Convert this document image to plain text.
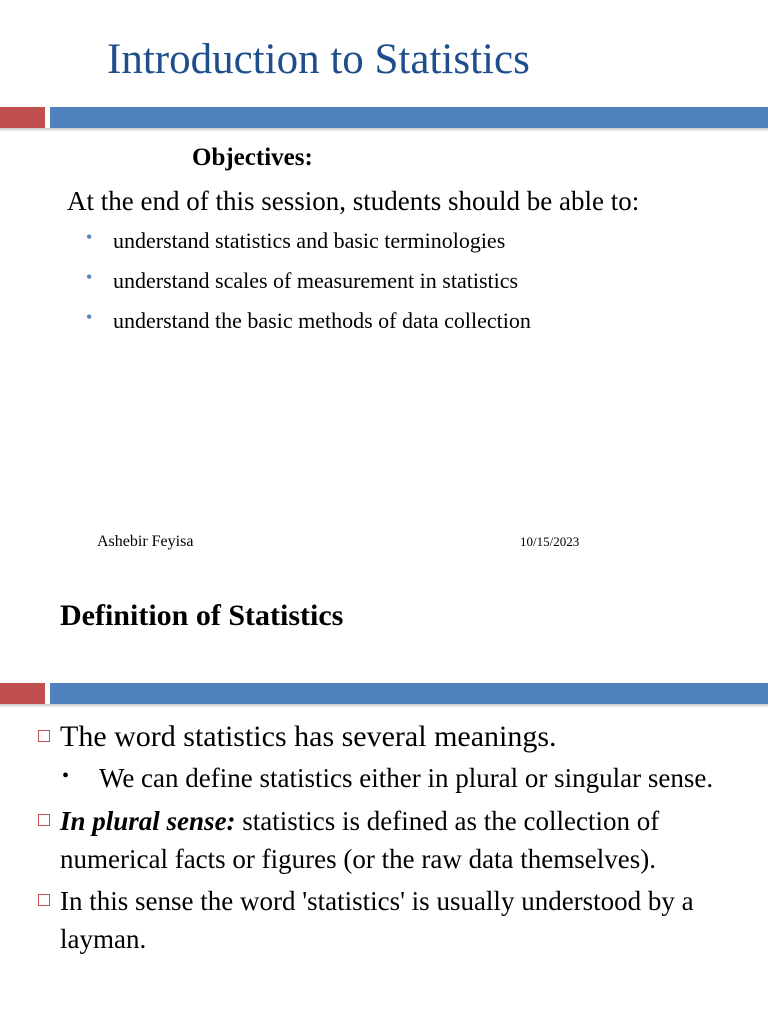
Introduction to Statistics
Objectives:
At the end of this session, students should be able to:
• understand statistics and basic terminologies
• understand scales of measurement in statistics
• understand the basic methods of data collection
Ashebir Feyisa	10/15/2023
Definition of Statistics
The word statistics has several meanings.
•	We can define statistics either in plural or singular sense.
In plural sense: statistics is defined as the collection of numerical facts or figures (or the raw data themselves).
In this sense the word 'statistics' is usually understood by a layman.
